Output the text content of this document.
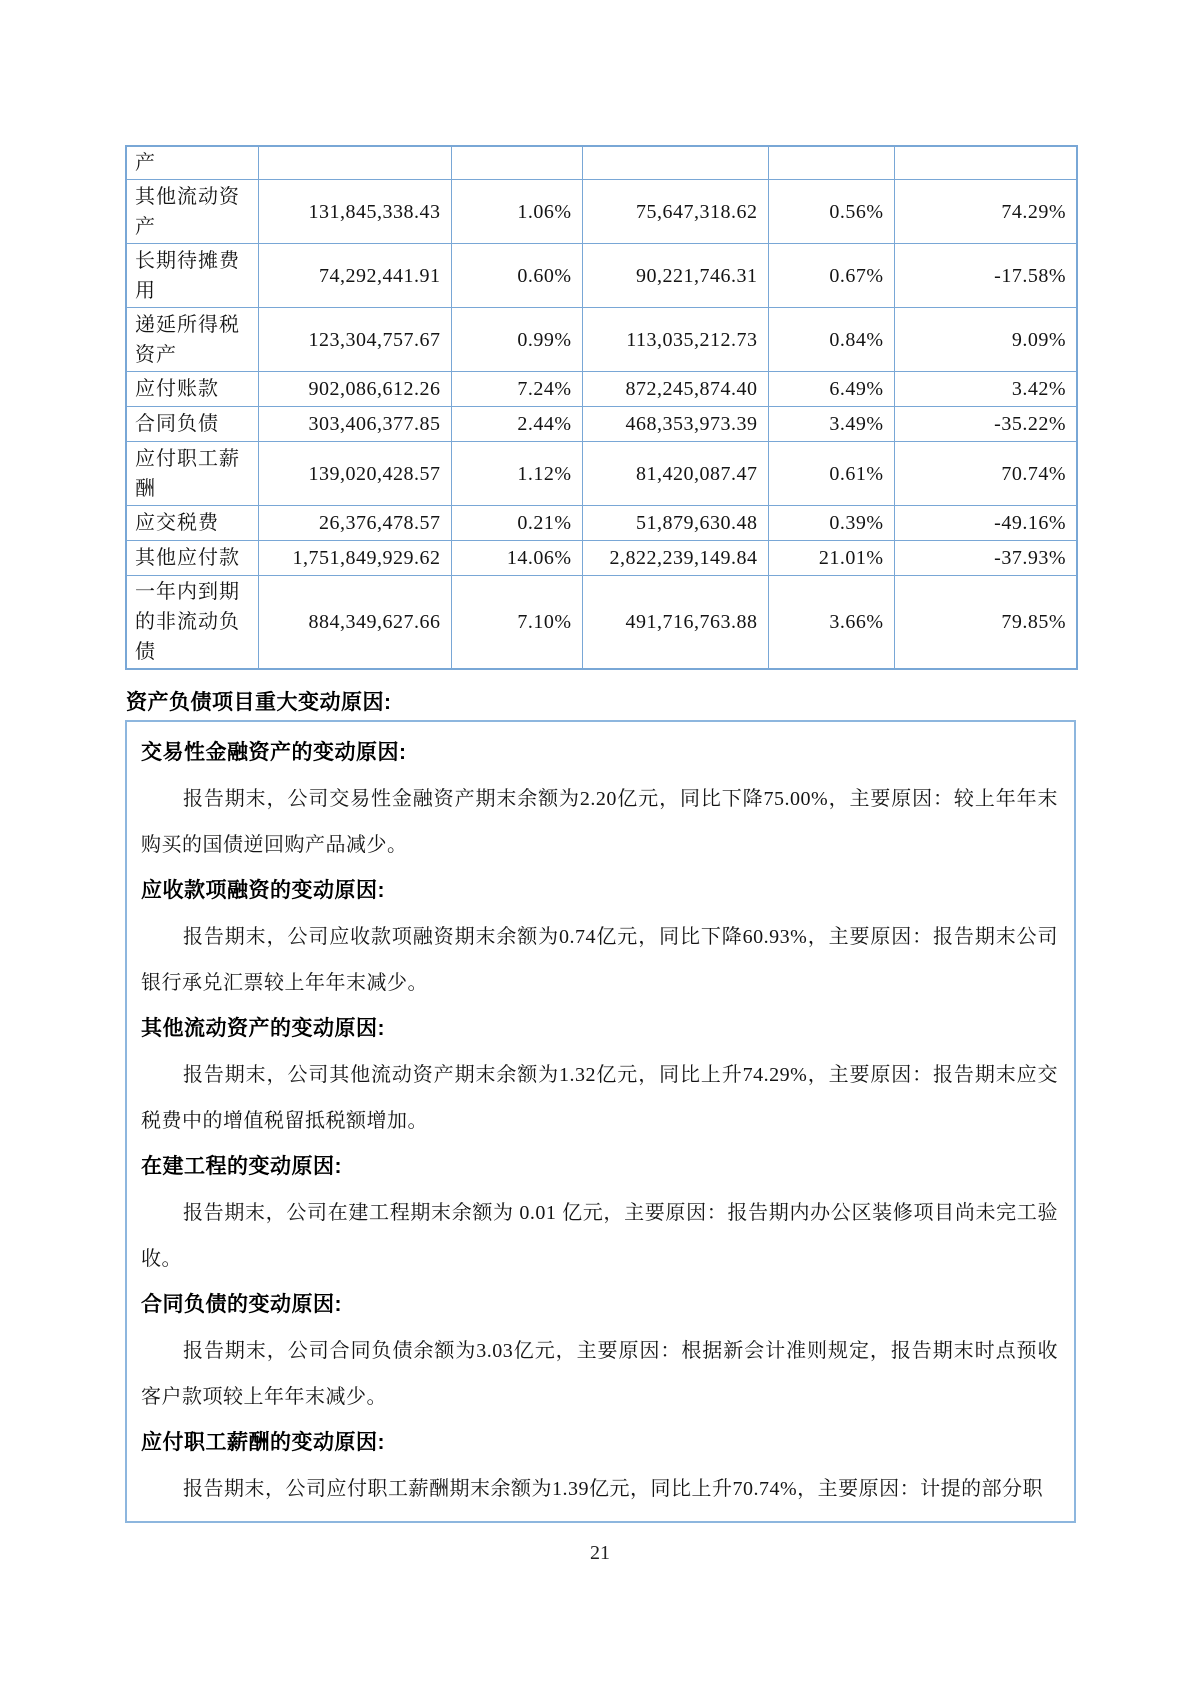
产					
其他流动资产	131,845,338.43	1.06%	75,647,318.62	0.56%	74.29%
长期待摊费用	74,292,441.91	0.60%	90,221,746.31	0.67%	-17.58%
递延所得税资产	123,304,757.67	0.99%	113,035,212.73	0.84%	9.09%
应付账款	902,086,612.26	7.24%	872,245,874.40	6.49%	3.42%
合同负债	303,406,377.85	2.44%	468,353,973.39	3.49%	-35.22%
应付职工薪酬	139,020,428.57	1.12%	81,420,087.47	0.61%	70.74%
应交税费	26,376,478.57	0.21%	51,879,630.48	0.39%	-49.16%
其他应付款	1,751,849,929.62	14.06%	2,822,239,149.84	21.01%	-37.93%
一年内到期的非流动负债	884,349,627.66	7.10%	491,716,763.88	3.66%	79.85%
资产负债项目重大变动原因:
交易性金融资产的变动原因:

报告期末，公司交易性金融资产期末余额为2.20亿元，同比下降75.00%，主要原因：较上年年末购买的国债逆回购产品减少。

应收款项融资的变动原因:

报告期末，公司应收款项融资期末余额为0.74亿元，同比下降60.93%，主要原因：报告期末公司银行承兑汇票较上年年末减少。

其他流动资产的变动原因:

报告期末，公司其他流动资产期末余额为1.32亿元，同比上升74.29%，主要原因：报告期末应交税费中的增值税留抵税额增加。

在建工程的变动原因:

报告期末，公司在建工程期末余额为 0.01 亿元，主要原因：报告期内办公区装修项目尚未完工验收。

合同负债的变动原因:

报告期末，公司合同负债余额为3.03亿元，主要原因：根据新会计准则规定，报告期末时点预收客户款项较上年年末减少。

应付职工薪酬的变动原因:

报告期末，公司应付职工薪酬期末余额为1.39亿元，同比上升70.74%，主要原因：计提的部分职

21
